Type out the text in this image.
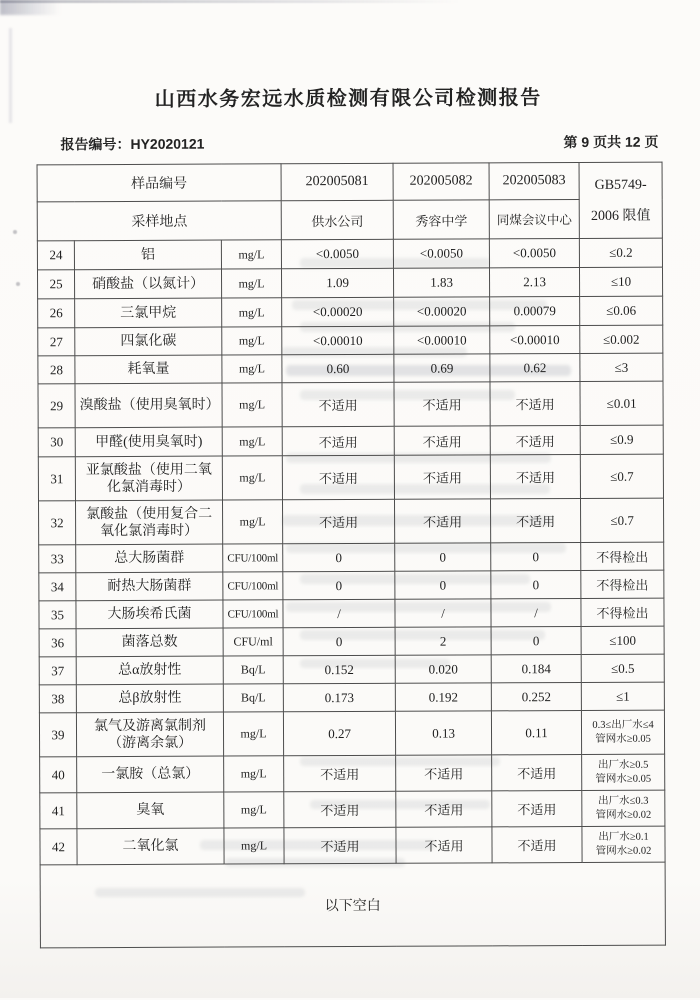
山西水务宏远水质检测有限公司检测报告
报告编号：HY2020121	第 9 页共 12 页
样品编号			202005081	202005082	202005083	GB5749-
2006 限值

采样地点			供水公司	秀容中学	同煤会议中心	
24	铝	mg/L	<0.0050	<0.0050	<0.0050	≤0.2
25	硝酸盐（以氮计）	mg/L	1.09	1.83	2.13	≤10
26	三氯甲烷	mg/L	<0.00020	<0.00020	0.00079	≤0.06
27	四氯化碳	mg/L	<0.00010	<0.00010	<0.00010	≤0.002
28	耗氧量	mg/L	0.60	0.69	0.62	≤3
29	溴酸盐（使用臭氧时）	mg/L	不适用	不适用	不适用	≤0.01
30	甲醛(使用臭氧时)	mg/L	不适用	不适用	不适用	≤0.9
31	亚氯酸盐（使用二氧化氯消毒时）	mg/L	不适用	不适用	不适用	≤0.7
32	氯酸盐（使用复合二氧化氯消毒时）	mg/L	不适用	不适用	不适用	≤0.7
33	总大肠菌群	CFU/100ml	0	0	0	不得检出
34	耐热大肠菌群	CFU/100ml	0	0	0	不得检出
35	大肠埃希氏菌	CFU/100ml	/	/	/	不得检出
36	菌落总数	CFU/ml	0	2	0	≤100
37	总α放射性	Bq/L	0.152	0.020	0.184	≤0.5
38	总β放射性	Bq/L	0.173	0.192	0.252	≤1
39	氯气及游离氯制剂（游离余氯）	mg/L	0.27	0.13	0.11	0.3≤出厂水≤4
管网水≥0.05

40	一氯胺（总氯）	mg/L	不适用	不适用	不适用	出厂水≥0.5
管网水≥0.05

41	臭氧	mg/L	不适用	不适用	不适用	出厂水≤0.3
管网水≥0.02

42	二氧化氯	mg/L	不适用	不适用	不适用	出厂水≥0.1
管网水≥0.02

以下空白						
